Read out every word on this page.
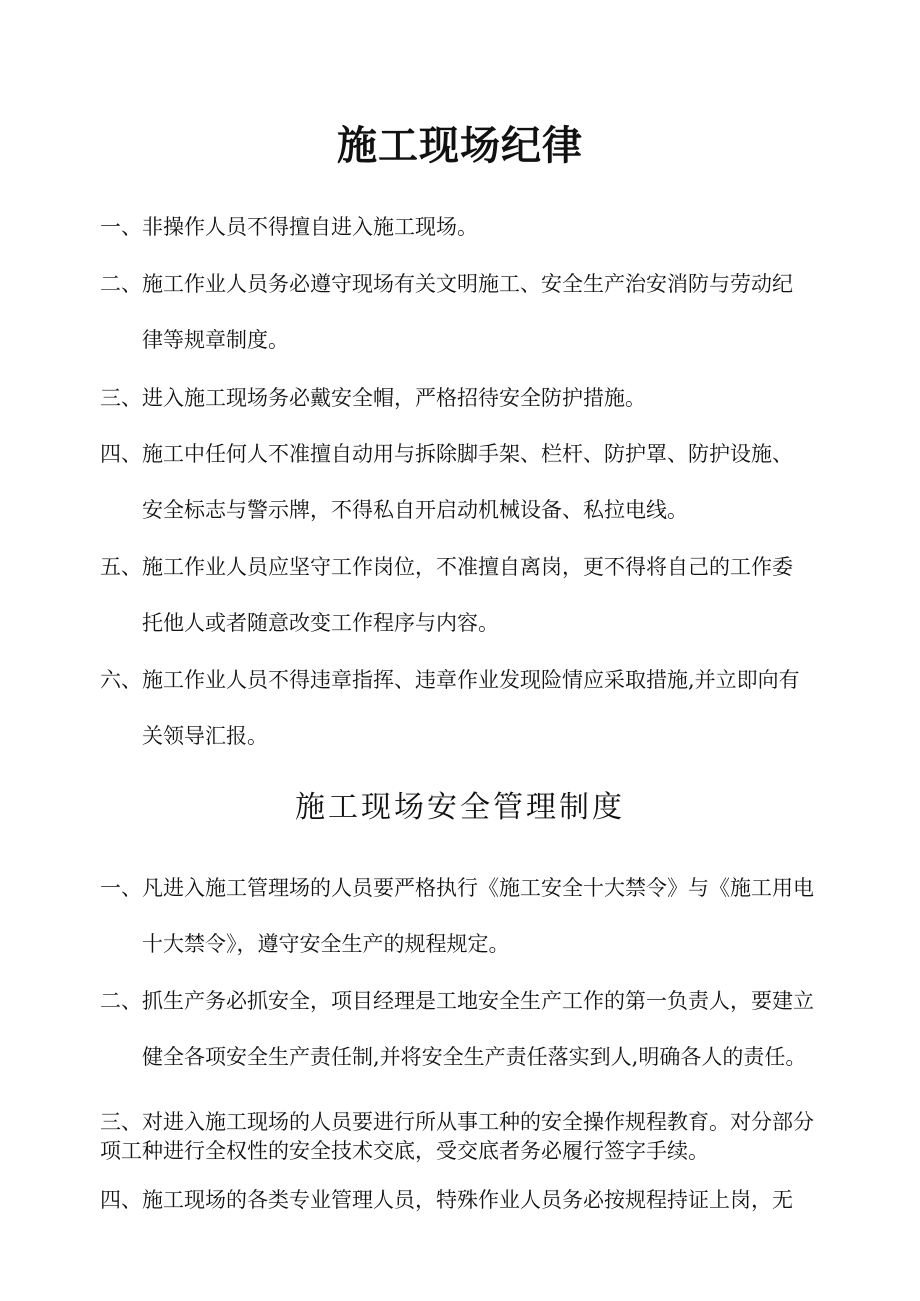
施工现场纪律
一、非操作人员不得擅自进入施工现场。
二、施工作业人员务必遵守现场有关文明施工、安全生产治安消防与劳动纪
律等规章制度。
三、进入施工现场务必戴安全帽，严格招待安全防护措施。
四、施工中任何人不准擅自动用与拆除脚手架、栏杆、防护罩、防护设施、
安全标志与警示牌，不得私自开启动机械设备、私拉电线。
五、施工作业人员应坚守工作岗位，不准擅自离岗，更不得将自己的工作委
托他人或者随意改变工作程序与内容。
六、施工作业人员不得违章指挥、违章作业发现险情应采取措施,并立即向有
关领导汇报。
施工现场安全管理制度
一、凡进入施工管理场的人员要严格执行《施工安全十大禁令》与《施工用电
十大禁令》，遵守安全生产的规程规定。
二、抓生产务必抓安全，项目经理是工地安全生产工作的第一负责人，要建立
健全各项安全生产责任制,并将安全生产责任落实到人,明确各人的责任。
三、对进入施工现场的人员要进行所从事工种的安全操作规程教育。对分部分
项工种进行全权性的安全技术交底，受交底者务必履行签字手续。
四、施工现场的各类专业管理人员，特殊作业人员务必按规程持证上岗，无
